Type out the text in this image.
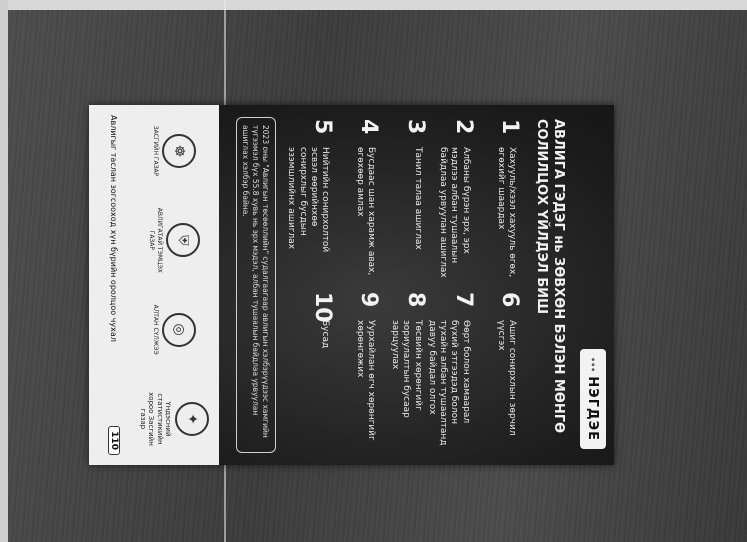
•••
НЭГДЭЕ
АВЛИГА ГЭДЭГ нь ЗӨВХӨН БЭЛЭН МӨНГӨ СОЛИЛЦОХ ҮЙЛДЭЛ БИШ
1
Хахууль/хээл хахууль өгөх, өгөхийг шаардах
2
Албаны бүрэн эрх, эрх мэдлээ албан тушаалын байдлаа урвуулан ашиглах
3
Танил талаа ашиглах
4
Бусдаас шан харамж авах, өгөхөөр амлах
5
Нийтийн сонирхолтой эсвэл өөрийнхөө сонирхлыг бусдын эзэмшлийнх ашиглах
6
Ашиг сонирхлын зөрчил үүсгэх
7
Өөрт болон хамаарал бүхий этгээдэд болон тухайн албан тушаалтанд давуу байдал олгох
8
Төсвийн хөрөнгийг зориулалтын бусаар зарцуулах
9
Уурхайлан өгч хөрөнгийг хөрөнгөжих
10
Бусад
2023 оны "Авлигын төсөөллийн" судалгаагаар авлигын хэлбэрүүдээс хамгийн түгээмэл бүх 55.8 хувь нь эрх мэдэл, албан тушаалын байдлаа урвуулан ашиглах хэлбэр байна.
☸
ЗАСГИЙН ГАЗАР
⛨
АВЛИГАТАЙ ТЭМЦЭХ ГАЗАР
◎
АЛТАН СҮЛЖЭЭ
✦
Үндэсний статистикийн хороо Засгийн газар
Авлигыг таслан зогсооход хүн бүрийн оролцоо чухал
110
